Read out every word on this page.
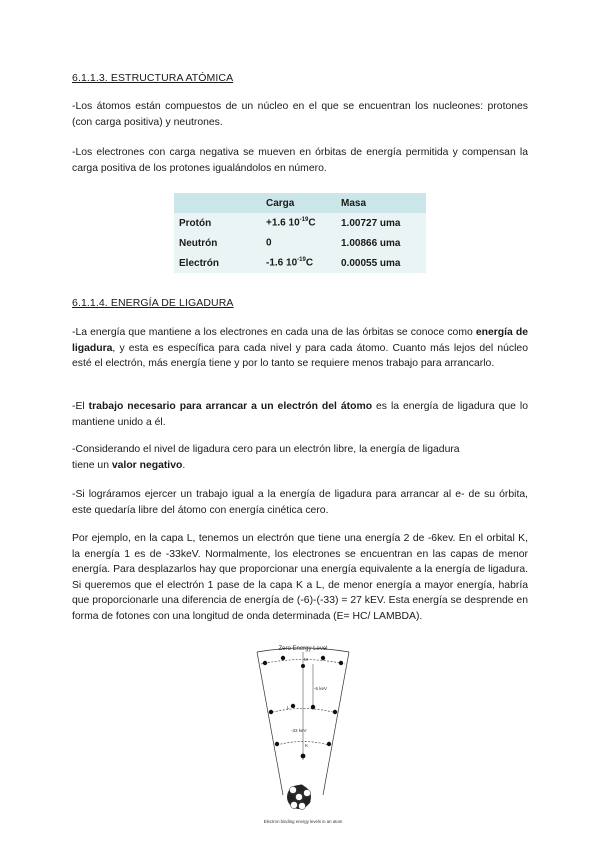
6.1.1.3. ESTRUCTURA ATÓMICA

-Los átomos están compuestos de un núcleo en el que se encuentran los nucleones: protones (con carga positiva) y neutrones.

-Los electrones con carga negativa se mueven en órbitas de energía permitida y compensan la carga positiva de los protones igualándolos en número.

	Carga	Masa
Protón	+1.6 $10^{-19}C$	1.00727 uma
Neutrón	0	1.00866 uma
Electrón	-1.6 $10^{-19}C$	0.00055 uma
6.1.1.4. ENERGÍA DE LIGADURA

-La energía que mantiene a los electrones en cada una de las órbitas se conoce como energía de ligadura, y esta es específica para cada nivel y para cada átomo. Cuanto más lejos del núcleo esté el electrón, más energía tiene y por lo tanto se requiere menos trabajo para arrancarlo.

-El trabajo necesario para arrancar a un electrón del átomo es la energía de ligadura que lo mantiene unido a él.

-Considerando el nivel de ligadura cero para un electrón libre, la energía de ligadura
tiene un valor negativo.

-Si lográramos ejercer un trabajo igual a la energía de ligadura para arrancar al e- de su órbita, este quedaría libre del átomo con energía cinética cero.

Por ejemplo, en la capa L, tenemos un electrón que tiene una energía 2 de -6kev. En el orbital K, la energía 1 es de -33keV. Normalmente, los electrones se encuentran en las capas de menor energía. Para desplazarlos hay que proporcionar una energía equivalente a la energía de ligadura. Si queremos que el electrón 1 pase de la capa K a L, de menor energía a mayor energía, habría que proporcionarle una diferencia de energía de (-6)-(-33) = 27 kEV. Esta energía se desprende en forma de fotones con una longitud de onda determinada (E= HC/ LAMBDA).

Zero Energy Level
M
L
K
-6 keV
-33 keV
Electron binding energy levels in an atom
